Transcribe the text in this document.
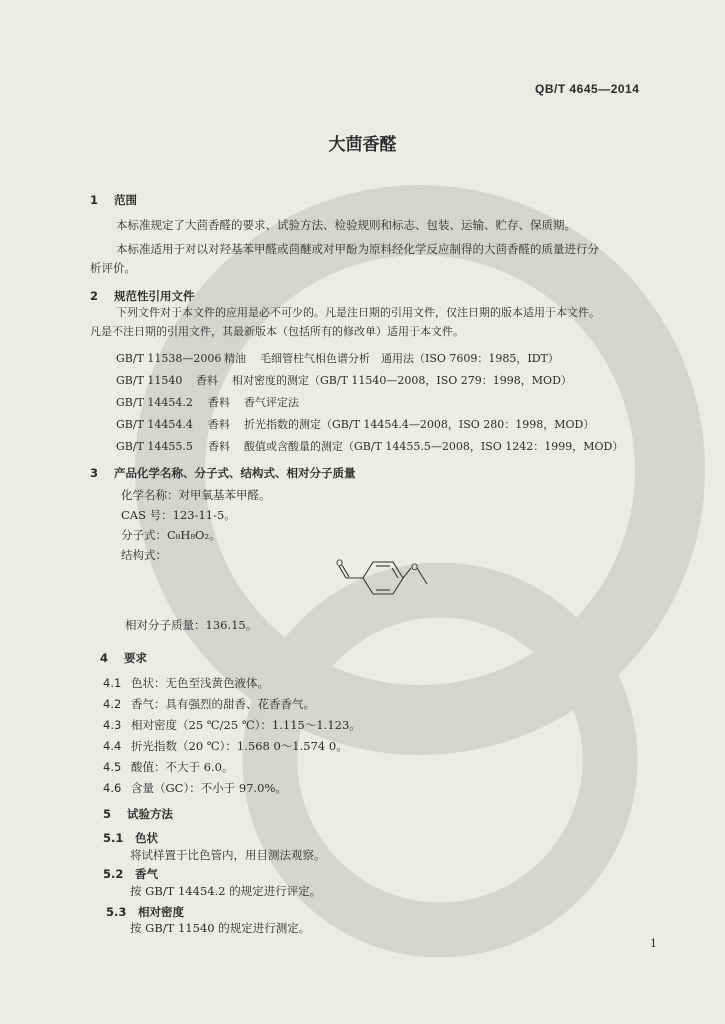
QB/T 4645—2014
大茴香醛
1 范围
本标准规定了大茴香醛的要求、试验方法、检验规则和标志、包装、运输、贮存、保质期。
本标准适用于对以对羟基苯甲醛或茴醚或对甲酚为原料经化学反应制得的大茴香醛的质量进行分
析评价。
2 规范性引用文件
下列文件对于本文件的应用是必不可少的。凡是注日期的引用文件，仅注日期的版本适用于本文件。
凡是不注日期的引用文件，其最新版本（包括所有的修改单）适用于本文件。
GB/T 11538—2006 精油 毛细管柱气相色谱分析　通用法（ISO 7609：1985，IDT）
GB/T 11540 香料 相对密度的测定（GB/T 11540—2008，ISO 279：1998，MOD）
GB/T 14454.2 香料 香气评定法
GB/T 14454.4 香料 折光指数的测定（GB/T 14454.4—2008，ISO 280：1998，MOD）
GB/T 14455.5 香料 酸值或含酸量的测定（GB/T 14455.5—2008，ISO 1242：1999，MOD）
3 产品化学名称、分子式、结构式、相对分子质量
化学名称：对甲氧基苯甲醛。
CAS 号：123-11-5。
分子式：C₈H₈O₂。
结构式：
O	O
相对分子质量：136.15。
4 要求
4.1 色状：无色至浅黄色液体。
4.2 香气：具有强烈的甜香、花香香气。
4.3 相对密度（25 ℃/25 ℃）：1.115～1.123。
4.4 折光指数（20 ℃）：1.568 0～1.574 0。
4.5 酸值：不大于 6.0。
4.6 含量（GC）：不小于 97.0%。
5 试验方法
5.1 色状
将试样置于比色管内，用目测法观察。
5.2 香气
按 GB/T 14454.2 的规定进行评定。
5.3 相对密度
按 GB/T 11540 的规定进行测定。
1
